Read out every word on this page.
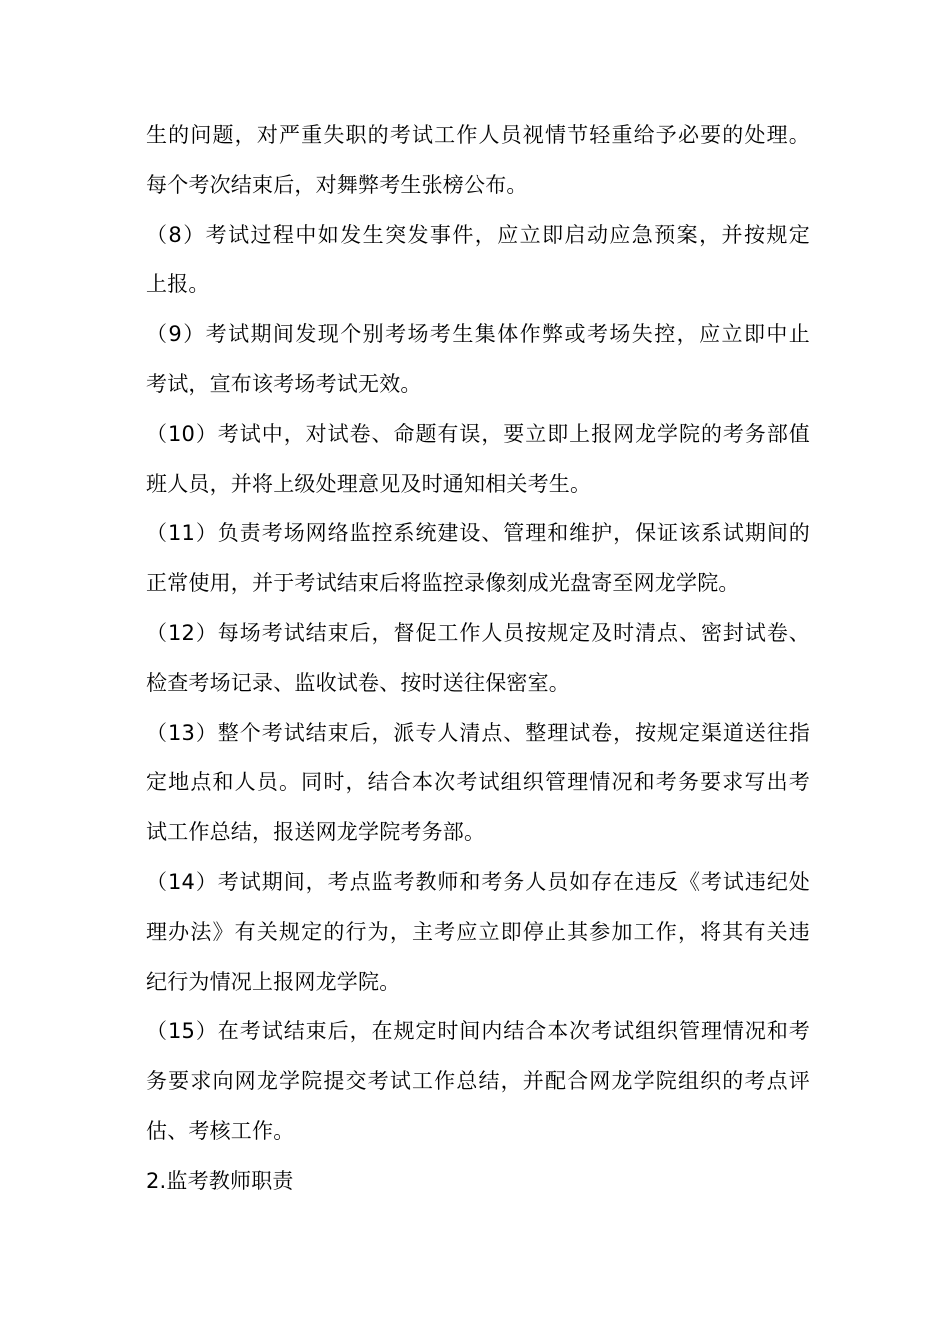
生的问题，对严重失职的考试工作人员视情节轻重给予必要的处理。
每个考次结束后，对舞弊考生张榜公布。
（8）考试过程中如发生突发事件，应立即启动应急预案，并按规定
上报。
（9）考试期间发现个别考场考生集体作弊或考场失控，应立即中止
考试，宣布该考场考试无效。
（10）考试中，对试卷、命题有误，要立即上报网龙学院的考务部值
班人员，并将上级处理意见及时通知相关考生。
（11）负责考场网络监控系统建设、管理和维护，保证该系试期间的
正常使用，并于考试结束后将监控录像刻成光盘寄至网龙学院。
（12）每场考试结束后，督促工作人员按规定及时清点、密封试卷、
检查考场记录、监收试卷、按时送往保密室。
（13）整个考试结束后，派专人清点、整理试卷，按规定渠道送往指
定地点和人员。同时，结合本次考试组织管理情况和考务要求写出考
试工作总结，报送网龙学院考务部。
（14）考试期间，考点监考教师和考务人员如存在违反《考试违纪处
理办法》有关规定的行为，主考应立即停止其参加工作，将其有关违
纪行为情况上报网龙学院。
（15）在考试结束后，在规定时间内结合本次考试组织管理情况和考
务要求向网龙学院提交考试工作总结，并配合网龙学院组织的考点评
估、考核工作。
2.监考教师职责
